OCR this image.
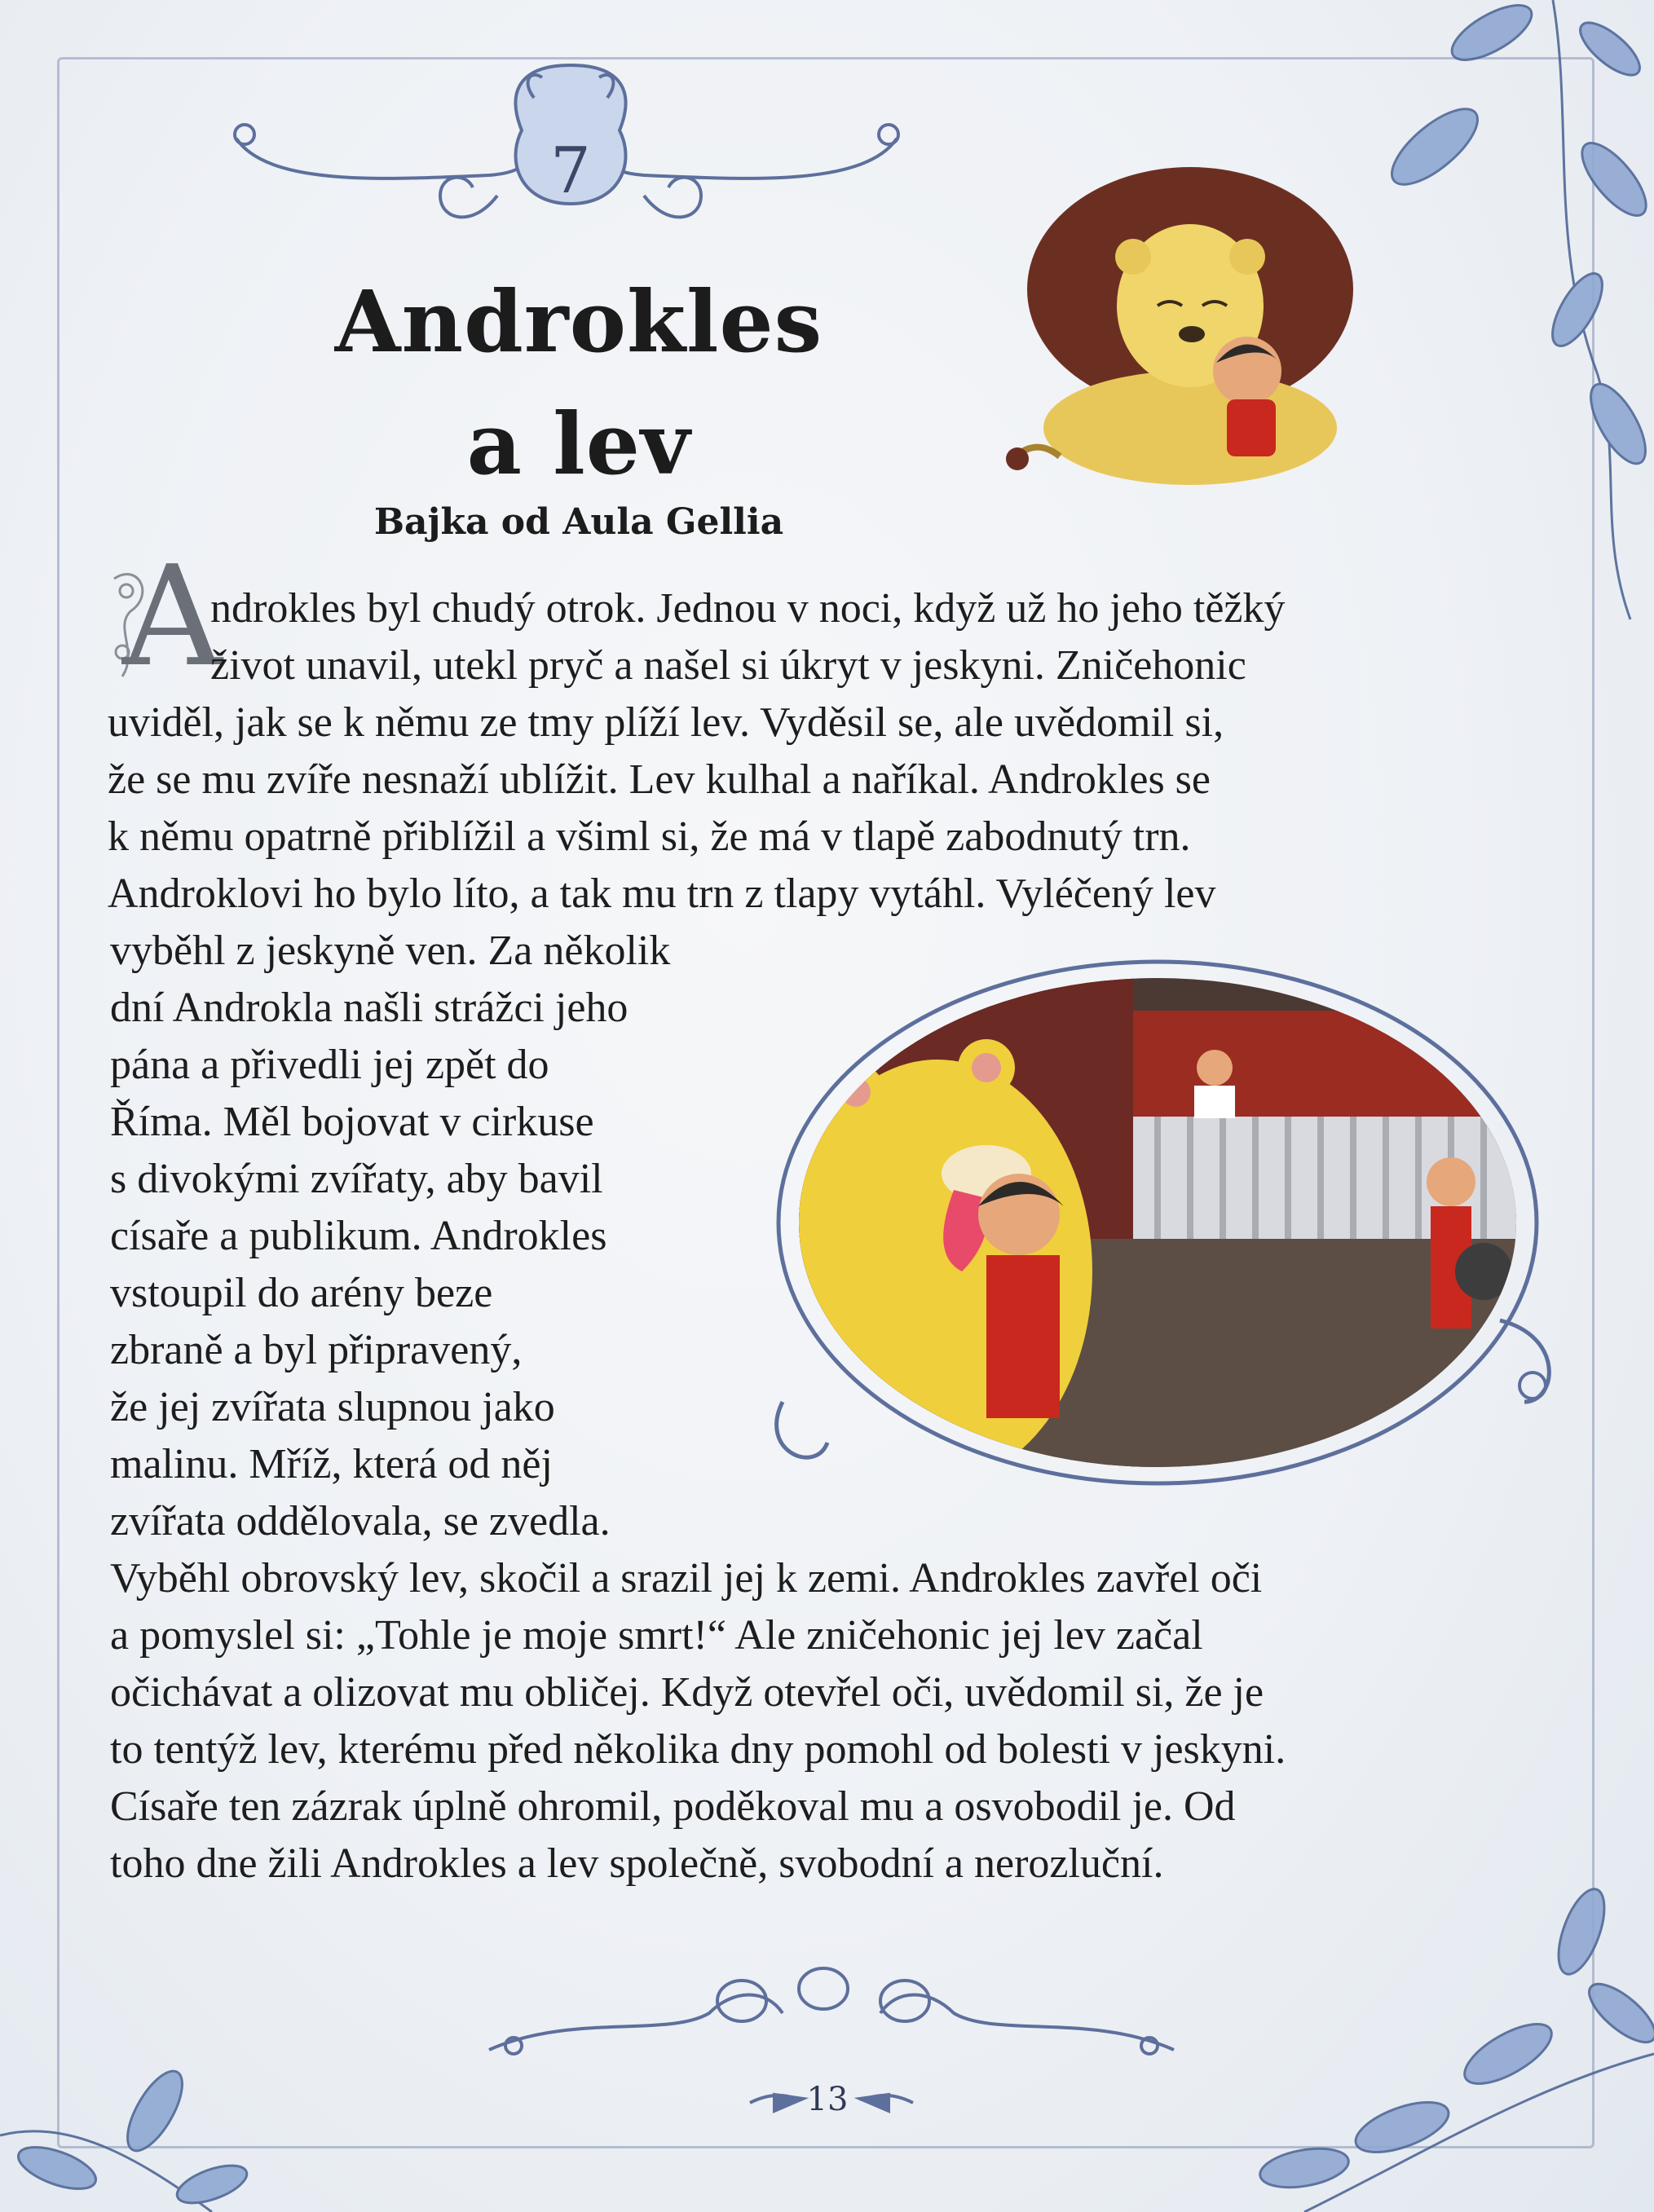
7
Androkles
a lev
Bajka od Aula Gellia
A
ndrokles byl chudý otrok. Jednou v noci, když už ho jeho těžký
život unavil, utekl pryč a našel si úkryt v jeskyni. Zničehonic
uviděl, jak se k němu ze tmy plíží lev. Vyděsil se, ale uvědomil si,
že se mu zvíře nesnaží ublížit. Lev kulhal a naříkal. Androkles se
k němu opatrně přiblížil a všiml si, že má v tlapě zabodnutý trn.
Androklovi ho bylo líto, a tak mu trn z tlapy vytáhl. Vyléčený lev
vyběhl z jeskyně ven. Za několik
dní Androkla našli strážci jeho
pána a přivedli jej zpět do
Říma. Měl bojovat v cirkuse
s divokými zvířaty, aby bavil
císaře a publikum. Androkles
vstoupil do arény beze
zbraně a byl připravený,
že jej zvířata slupnou jako
malinu. Mříž, která od něj
zvířata oddělovala, se zvedla.
Vyběhl obrovský lev, skočil a srazil jej k zemi. Androkles zavřel oči
a pomyslel si: „Tohle je moje smrt!“ Ale zničehonic jej lev začal
očichávat a olizovat mu obličej. Když otevřel oči, uvědomil si, že je
to tentýž lev, kterému před několika dny pomohl od bolesti v jeskyni.
Císaře ten zázrak úplně ohromil, poděkoval mu a osvobodil je. Od
toho dne žili Androkles a lev společně, svobodní a nerozluční.
13
